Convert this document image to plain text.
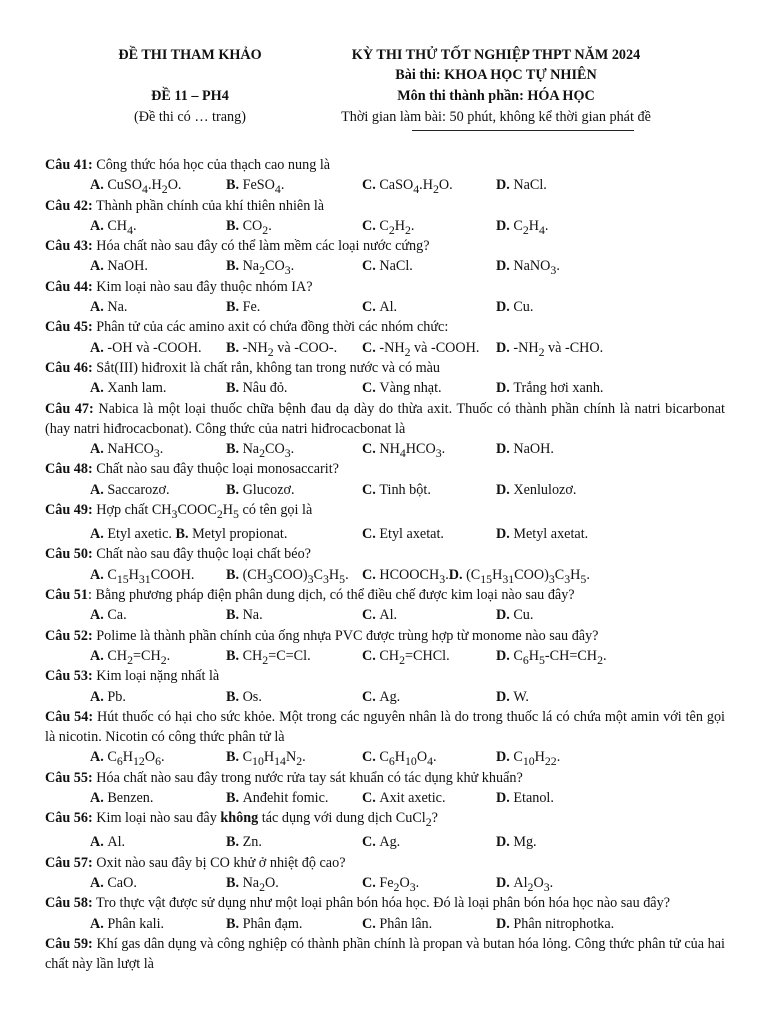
ĐỀ THI THAM KHẢO
ĐỀ 11 – PH4
(Đề thi có … trang)
KỲ THI THỬ TỐT NGHIỆP THPT NĂM 2024
Bài thi: KHOA HỌC TỰ NHIÊN
Môn thi thành phần: HÓA HỌC
Thời gian làm bài: 50 phút, không kể thời gian phát đề
Câu 41: Công thức hóa học của thạch cao nung là
A. $CuSO_4.H_2O$.	B. FeSO$_4$.	C. $CaSO_4.H_2O$.	D. NaCl.
Câu 42: Thành phần chính của khí thiên nhiên là
A. $CH_4$.	B. $CO_2$.	C. $C_2H_2$.	D. $C_2H_4$.
Câu 43: Hóa chất nào sau đây có thể làm mềm các loại nước cứng?
A. NaOH.	B. $Na_2CO_3$.	C. NaCl.	D. NaNO$_3$.
Câu 44: Kim loại nào sau đây thuộc nhóm IA?
A. Na.	B. Fe.	C. Al.	D. Cu.
Câu 45: Phân tử của các amino axit có chứa đồng thời các nhóm chức:
A. -OH và -COOH. B. $-NH_2$ và -COO-. C. $-NH_2$ và -COOH. D. $-NH_2$ và -CHO.
Câu 46: Sắt(III) hiđroxit là chất rắn, không tan trong nước và có màu
A. Xanh lam.	B. Nâu đỏ.	C. Vàng nhạt.	D. Trắng hơi xanh.
Câu 47: Nabica là một loại thuốc chữa bệnh đau dạ dày do thừa axit. Thuốc có thành phần chính là natri bicarbonat (hay natri hiđrocacbonat). Công thức của natri hiđrocacbonat là
A. NaHCO$_3$.	B. $Na_2CO_3$.	C. $NH_4HCO_3$.	D. NaOH.
Câu 48: Chất nào sau đây thuộc loại monosaccarit?
A. Saccarozơ.	B. Glucozơ.	C. Tinh bột.	D. Xenlulozơ.
Câu 49: Hợp chất $CH_3COOC_2H_5$ có tên gọi là
A. Etyl axetic. B. Metyl propionat.	C. Etyl axetat.	D. Metyl axetat.
Câu 50: Chất nào sau đây thuộc loại chất béo?
A. $C_{15}H_{31}COOH$. B. $(CH_3COO)_3C_3H_5$. C. $HCOOCH_3.D$. $(C_{15}H_{31}COO)_3C_3H_5$.
Câu 51: Bằng phương pháp điện phân dung dịch, có thể điều chế được kim loại nào sau đây?
A. Ca.	B. Na.	C. Al.	D. Cu.
Câu 52: Polime là thành phần chính của ống nhựa PVC được trùng hợp từ monome nào sau đây?
A. $CH_2=CH_2$.	B. $CH_2=C=Cl$.	C. $CH_2=CHCl$.	D. $C_6H_5-CH=CH_2$.
Câu 53: Kim loại nặng nhất là
A. Pb.	B. Os.	C. Ag.	D. W.
Câu 54: Hút thuốc có hại cho sức khỏe. Một trong các nguyên nhân là do trong thuốc lá có chứa một amin với tên gọi là nicotin. Nicotin có công thức phân tử là
A. $C_6H_{12}O_6$.	B. $C_{10}H_{14}N_2$.	C. $C_6H_{10}O_4$.	D. $C_{10}H_{22}$.
Câu 55: Hóa chất nào sau đây trong nước rửa tay sát khuẩn có tác dụng khử khuẩn?
A. Benzen.	B. Anđehit fomic. C. Axit axetic.	D. Etanol.
Câu 56: Kim loại nào sau đây không tác dụng với dung dịch CuCl$_2$?
A. Al.	B. Zn.	C. Ag.	D. Mg.
Câu 57: Oxit nào sau đây bị CO khử ở nhiệt độ cao?
A. CaO.	B. $Na_2O$.	C. $Fe_2O_3$.	D. $Al_2O_3$.
Câu 58: Tro thực vật được sử dụng như một loại phân bón hóa học. Đó là loại phân bón hóa học nào sau đây?
A. Phân kali.	B. Phân đạm.	C. Phân lân.	D. Phân nitrophotka.
Câu 59: Khí gas dân dụng và công nghiệp có thành phần chính là propan và butan hóa lỏng. Công thức phân tử của hai chất này lần lượt là
